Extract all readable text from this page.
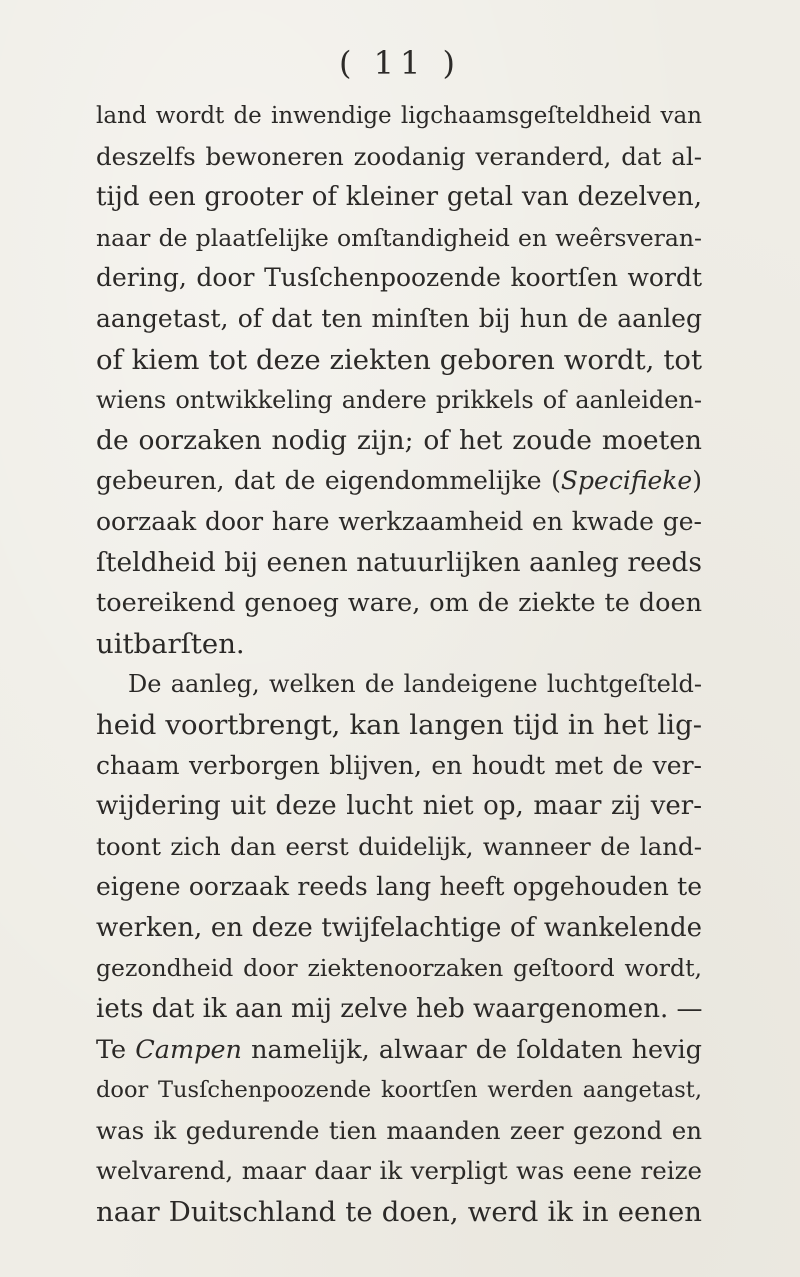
( 11 )
land wordt de inwendige ligchaamsgeſteldheid van
deszelfs bewoneren zoodanig veranderd, dat al-
tijd een grooter of kleiner getal van dezelven,
naar de plaatſelijke omſtandigheid en weêrsveran-
dering, door Tusſchenpoozende koortſen wordt
aangetast, of dat ten minſten bij hun de aanleg
of kiem tot deze ziekten geboren wordt, tot
wiens ontwikkeling andere prikkels of aanleiden-
de oorzaken nodig zijn; of het zoude moeten
gebeuren, dat de eigendommelijke (Specifieke)
oorzaak door hare werkzaamheid en kwade ge-
ſteldheid bij eenen natuurlijken aanleg reeds
toereikend genoeg ware, om de ziekte te doen
uitbarſten.
De aanleg, welken de landeigene luchtgeſteld-
heid voortbrengt, kan langen tijd in het lig-
chaam verborgen blijven, en houdt met de ver-
wijdering uit deze lucht niet op, maar zij ver-
toont zich dan eerst duidelijk, wanneer de land-
eigene oorzaak reeds lang heeft opgehouden te
werken, en deze twijfelachtige of wankelende
gezondheid door ziektenoorzaken geſtoord wordt,
iets dat ik aan mij zelve heb waargenomen. —
Te Campen namelijk, alwaar de ſoldaten hevig
door Tusſchenpoozende koortſen werden aangetast,
was ik gedurende tien maanden zeer gezond en
welvarend, maar daar ik verpligt was eene reize
naar Duitschland te doen, werd ik in eenen
